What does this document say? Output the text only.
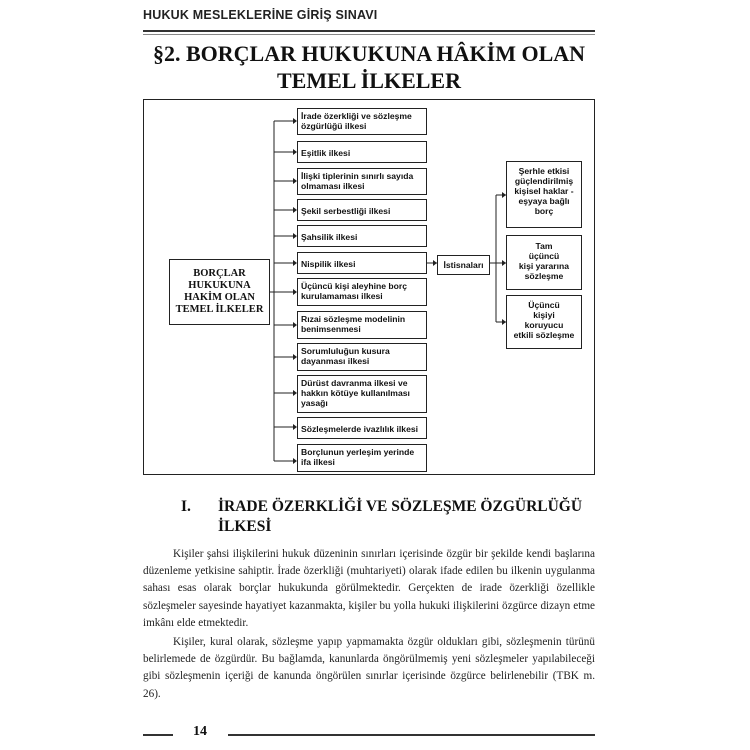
HUKUK MESLEKLERİNE GİRİŞ SINAVI
§2. BORÇLAR HUKUKUNA HÂKİM OLAN
TEMEL İLKELER
BORÇLAR
HUKUKUNA
HAKİM OLAN
TEMEL İLKELER
İrade özerkliği ve sözleşme
özgürlüğü ilkesi
Eşitlik ilkesi
İlişki tiplerinin sınırlı sayıda
olmaması ilkesi
Şekil serbestliği ilkesi
Şahsilik ilkesi
Nispilik ilkesi
Üçüncü kişi aleyhine borç
kurulamaması ilkesi
Rızai sözleşme modelinin
benimsenmesi
Sorumluluğun kusura
dayanması ilkesi
Dürüst davranma ilkesi ve
hakkın kötüye kullanılması
yasağı
Sözleşmelerde ivazlılık ilkesi
Borçlunun yerleşim yerinde
ifa ilkesi
İstisnaları
Şerhle etkisi
güçlendirilmiş
kişisel haklar -
eşyaya bağlı
borç
Tam
üçüncü
kişi yararına
sözleşme
Üçüncü
kişiyi
koruyucu
etkili sözleşme
I. İRADE ÖZERKLİĞİ VE SÖZLEŞME ÖZGÜRLÜĞÜ İLKESİ

Kişiler şahsi ilişkilerini hukuk düzeninin sınırları içerisinde özgür bir şekilde kendi başlarına düzenleme yetkisine sahiptir. İrade özerkliği (muhtariyeti) olarak ifade edilen bu ilkenin uygulanma sahası esas olarak borçlar hukukunda görülmektedir. Gerçekten de irade özerkliği özellikle sözleşmeler sayesinde hayatiyet kazanmakta, kişiler bu yolla hukuki ilişkilerini özgürce dizayn etme imkânı elde etmektedir.

Kişiler, kural olarak, sözleşme yapıp yapmamakta özgür oldukları gibi, sözleşmenin türünü belirlemede de özgürdür. Bu bağlamda, kanunlarda öngörülmemiş yeni sözleşmeler yapılabileceği gibi sözleşmenin içeriği de kanunda öngörülen sınırlar içerisinde özgürce belirlenebilir (TBK m. 26).

14
